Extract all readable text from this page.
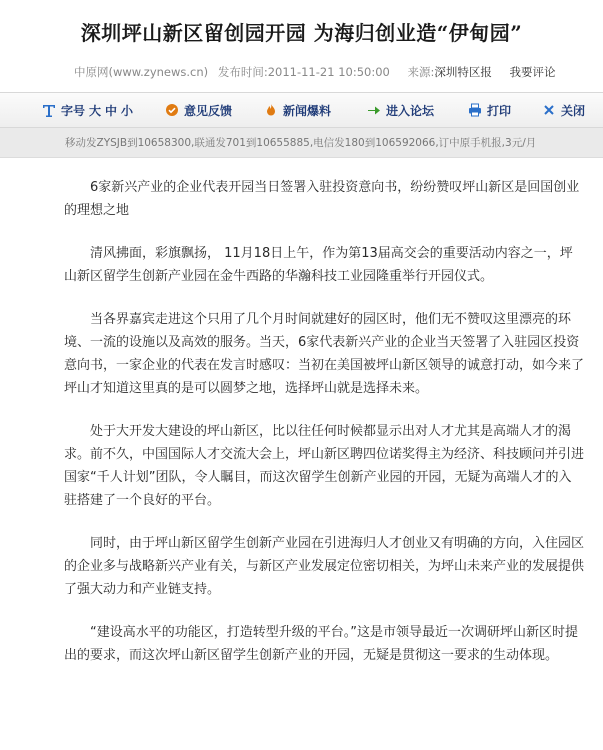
深圳坪山新区留创园开园 为海归创业造“伊甸园”
中原网(www.zynews.cn) 发布时间:2011-11-21 10:50:00 来源:深圳特区报 我要评论
字号 大 中 小	意见反馈	新闻爆料	进入论坛	打印	关闭
移动发ZYSJB到10658300,联通发701到10655885,电信发180到106592066,订中原手机报,3元/月

6家新兴产业的企业代表开园当日签署入驻投资意向书，纷纷赞叹坪山新区是回国创业的理想之地

清风拂面，彩旗飘扬， 11月18日上午，作为第13届高交会的重要活动内容之一，坪山新区留学生创新产业园在金牛西路的华瀚科技工业园隆重举行开园仪式。

当各界嘉宾走进这个只用了几个月时间就建好的园区时，他们无不赞叹这里漂亮的环境、一流的设施以及高效的服务。当天，6家代表新兴产业的企业当天签署了入驻园区投资意向书，一家企业的代表在发言时感叹：当初在美国被坪山新区领导的诚意打动，如今来了坪山才知道这里真的是可以圆梦之地，选择坪山就是选择未来。

处于大开发大建设的坪山新区，比以往任何时候都显示出对人才尤其是高端人才的渴求。前不久，中国国际人才交流大会上，坪山新区聘四位诺奖得主为经济、科技顾问并引进国家“千人计划”团队，令人瞩目，而这次留学生创新产业园的开园，无疑为高端人才的入驻搭建了一个良好的平台。

同时，由于坪山新区留学生创新产业园在引进海归人才创业又有明确的方向，入住园区的企业多与战略新兴产业有关，与新区产业发展定位密切相关，为坪山未来产业的发展提供了强大动力和产业链支持。

“建设高水平的功能区，打造转型升级的平台。”这是市领导最近一次调研坪山新区时提出的要求，而这次坪山新区留学生创新产业的开园，无疑是贯彻这一要求的生动体现。
